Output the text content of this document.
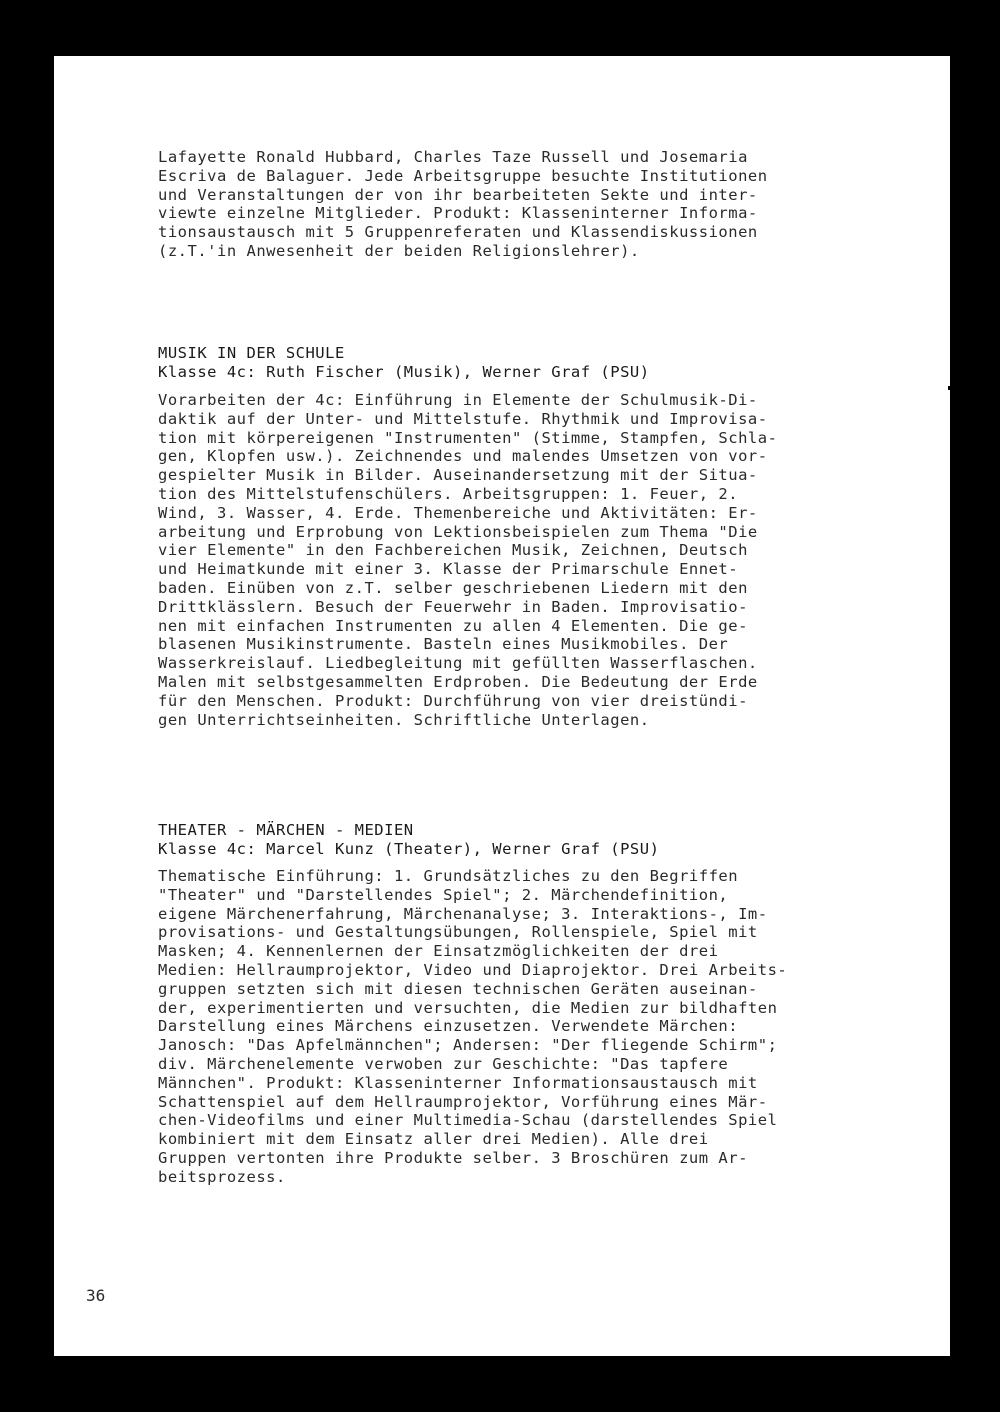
Lafayette Ronald Hubbard, Charles Taze Russell und Josemaria
Escriva de Balaguer. Jede Arbeitsgruppe besuchte Institutionen
und Veranstaltungen der von ihr bearbeiteten Sekte und inter-
viewte einzelne Mitglieder. Produkt: Klasseninterner Informa-
tionsaustausch mit 5 Gruppenreferaten und Klassendiskussionen
(z.T.'in Anwesenheit der beiden Religionslehrer).
MUSIK IN DER SCHULE
Klasse 4c: Ruth Fischer (Musik), Werner Graf (PSU)
Vorarbeiten der 4c: Einführung in Elemente der Schulmusik-Di-
daktik auf der Unter- und Mittelstufe. Rhythmik und Improvisa-
tion mit körpereigenen "Instrumenten" (Stimme, Stampfen, Schla-
gen, Klopfen usw.). Zeichnendes und malendes Umsetzen von vor-
gespielter Musik in Bilder. Auseinandersetzung mit der Situa-
tion des Mittelstufenschülers. Arbeitsgruppen: 1. Feuer, 2.
Wind, 3. Wasser, 4. Erde. Themenbereiche und Aktivitäten: Er-
arbeitung und Erprobung von Lektionsbeispielen zum Thema "Die
vier Elemente" in den Fachbereichen Musik, Zeichnen, Deutsch
und Heimatkunde mit einer 3. Klasse der Primarschule Ennet-
baden. Einüben von z.T. selber geschriebenen Liedern mit den
Drittklässlern. Besuch der Feuerwehr in Baden. Improvisatio-
nen mit einfachen Instrumenten zu allen 4 Elementen. Die ge-
blasenen Musikinstrumente. Basteln eines Musikmobiles. Der
Wasserkreislauf. Liedbegleitung mit gefüllten Wasserflaschen.
Malen mit selbstgesammelten Erdproben. Die Bedeutung der Erde
für den Menschen. Produkt: Durchführung von vier dreistündi-
gen Unterrichtseinheiten. Schriftliche Unterlagen.
THEATER - MÄRCHEN - MEDIEN
Klasse 4c: Marcel Kunz (Theater), Werner Graf (PSU)
Thematische Einführung: 1. Grundsätzliches zu den Begriffen
"Theater" und "Darstellendes Spiel"; 2. Märchendefinition,
eigene Märchenerfahrung, Märchenanalyse; 3. Interaktions-, Im-
provisations- und Gestaltungsübungen, Rollenspiele, Spiel mit
Masken; 4. Kennenlernen der Einsatzmöglichkeiten der drei
Medien: Hellraumprojektor, Video und Diaprojektor. Drei Arbeits-
gruppen setzten sich mit diesen technischen Geräten auseinan-
der, experimentierten und versuchten, die Medien zur bildhaften
Darstellung eines Märchens einzusetzen. Verwendete Märchen:
Janosch: "Das Apfelmännchen"; Andersen: "Der fliegende Schirm";
div. Märchenelemente verwoben zur Geschichte: "Das tapfere
Männchen". Produkt: Klasseninterner Informationsaustausch mit
Schattenspiel auf dem Hellraumprojektor, Vorführung eines Mär-
chen-Videofilms und einer Multimedia-Schau (darstellendes Spiel
kombiniert mit dem Einsatz aller drei Medien). Alle drei
Gruppen vertonten ihre Produkte selber. 3 Broschüren zum Ar-
beitsprozess.
36
